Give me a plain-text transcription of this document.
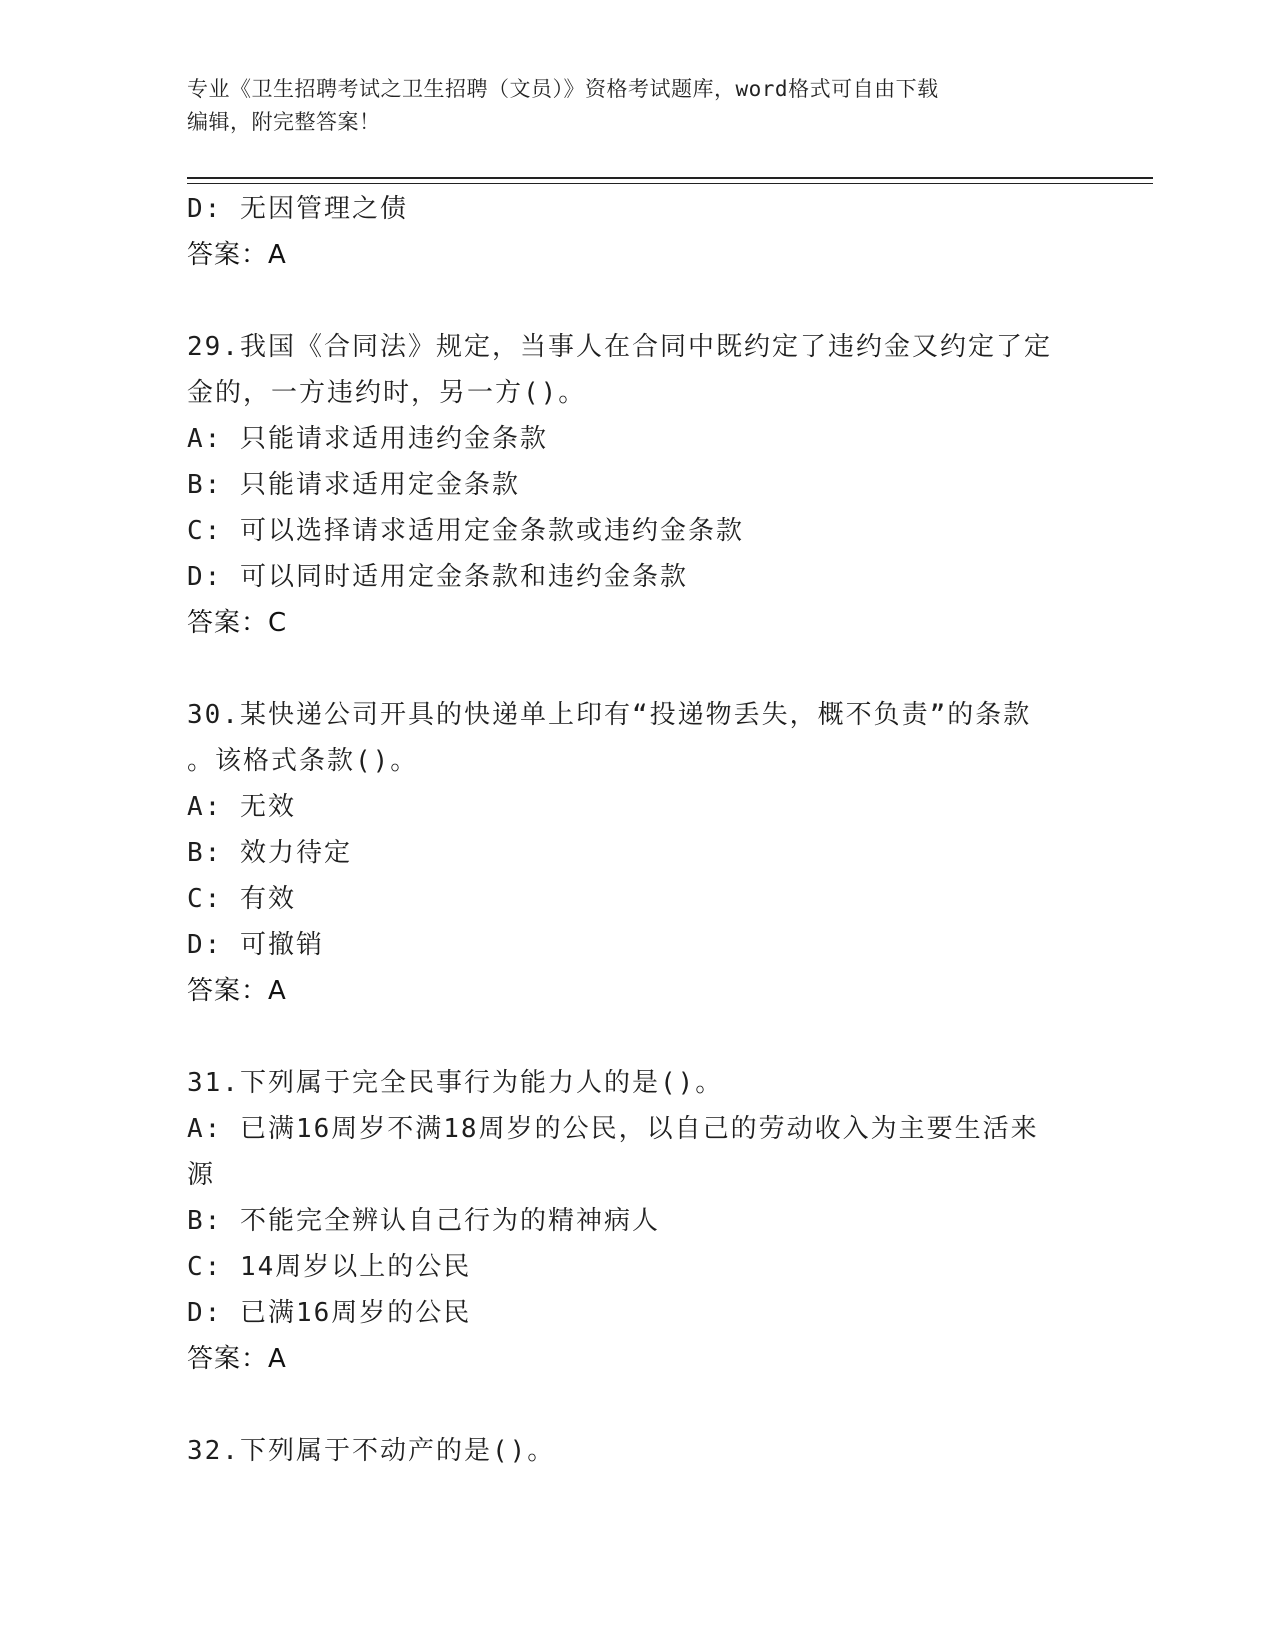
专业《卫生招聘考试之卫生招聘（文员）》资格考试题库，word格式可自由下载
编辑，附完整答案！
D: 无因管理之债
答案：A
29.我国《合同法》规定，当事人在合同中既约定了违约金又约定了定
金的，一方违约时，另一方()。
A: 只能请求适用违约金条款
B: 只能请求适用定金条款
C: 可以选择请求适用定金条款或违约金条款
D: 可以同时适用定金条款和违约金条款
答案：C
30.某快递公司开具的快递单上印有“投递物丢失，概不负责”的条款
。该格式条款()。
A: 无效
B: 效力待定
C: 有效
D: 可撤销
答案：A
31.下列属于完全民事行为能力人的是()。
A: 已满16周岁不满18周岁的公民，以自己的劳动收入为主要生活来
源
B: 不能完全辨认自己行为的精神病人
C: 14周岁以上的公民
D: 已满16周岁的公民
答案：A
32.下列属于不动产的是()。
